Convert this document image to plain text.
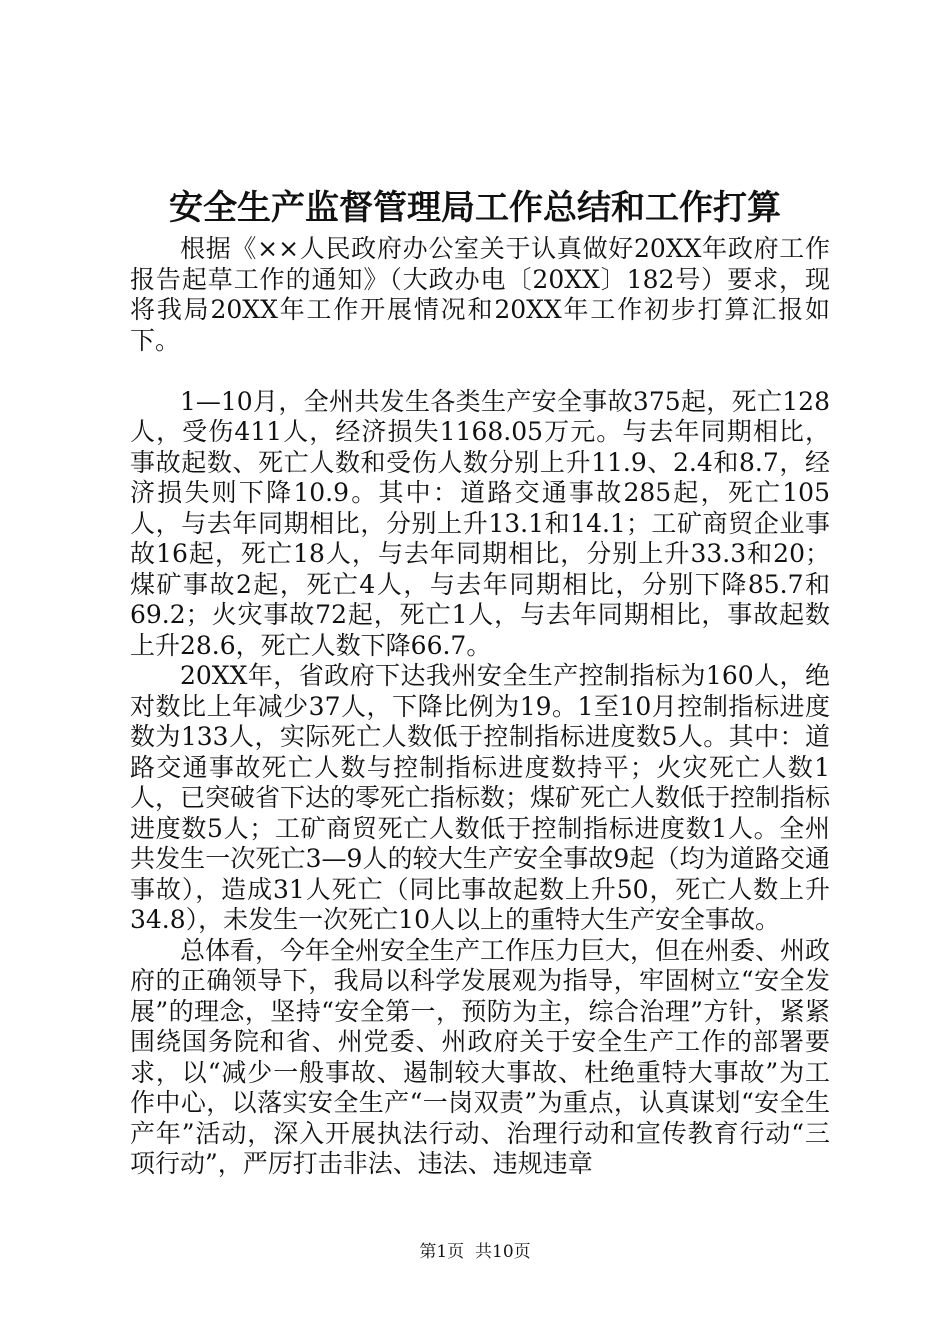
安全生产监督管理局工作总结和工作打算

根据《××人民政府办公室关于认真做好20XX年政府工作报告起草工作的通知》（大政办电〔20XX〕182号）要求，现将我局20XX年工作开展情况和20XX年工作初步打算汇报如下。

1—10月，全州共发生各类生产安全事故375起，死亡128人，受伤411人，经济损失1168.05万元。与去年同期相比，事故起数、死亡人数和受伤人数分别上升11.9、2.4和8.7，经济损失则下降10.9。其中：道路交通事故285起，死亡105人，与去年同期相比，分别上升13.1和14.1；工矿商贸企业事故16起，死亡18人，与去年同期相比，分别上升33.3和20；煤矿事故2起，死亡4人，与去年同期相比，分别下降85.7和69.2；火灾事故72起，死亡1人，与去年同期相比，事故起数上升28.6，死亡人数下降66.7。

20XX年，省政府下达我州安全生产控制指标为160人，绝对数比上年减少37人，下降比例为19。1至10月控制指标进度数为133人，实际死亡人数低于控制指标进度数5人。其中：道路交通事故死亡人数与控制指标进度数持平；火灾死亡人数1人，已突破省下达的零死亡指标数；煤矿死亡人数低于控制指标进度数5人；工矿商贸死亡人数低于控制指标进度数1人。全州共发生一次死亡3—9人的较大生产安全事故9起（均为道路交通事故），造成31人死亡（同比事故起数上升50，死亡人数上升34.8），未发生一次死亡10人以上的重特大生产安全事故。

总体看，今年全州安全生产工作压力巨大，但在州委、州政府的正确领导下，我局以科学发展观为指导，牢固树立“安全发展”的理念，坚持“安全第一，预防为主，综合治理”方针，紧紧围绕国务院和省、州党委、州政府关于安全生产工作的部署要求，以“减少一般事故、遏制较大事故、杜绝重特大事故”为工作中心，以落实安全生产“一岗双责”为重点，认真谋划“安全生产年”活动，深入开展执法行动、治理行动和宣传教育行动“三项行动”，严厉打击非法、违法、违规违章

第1页 共10页
